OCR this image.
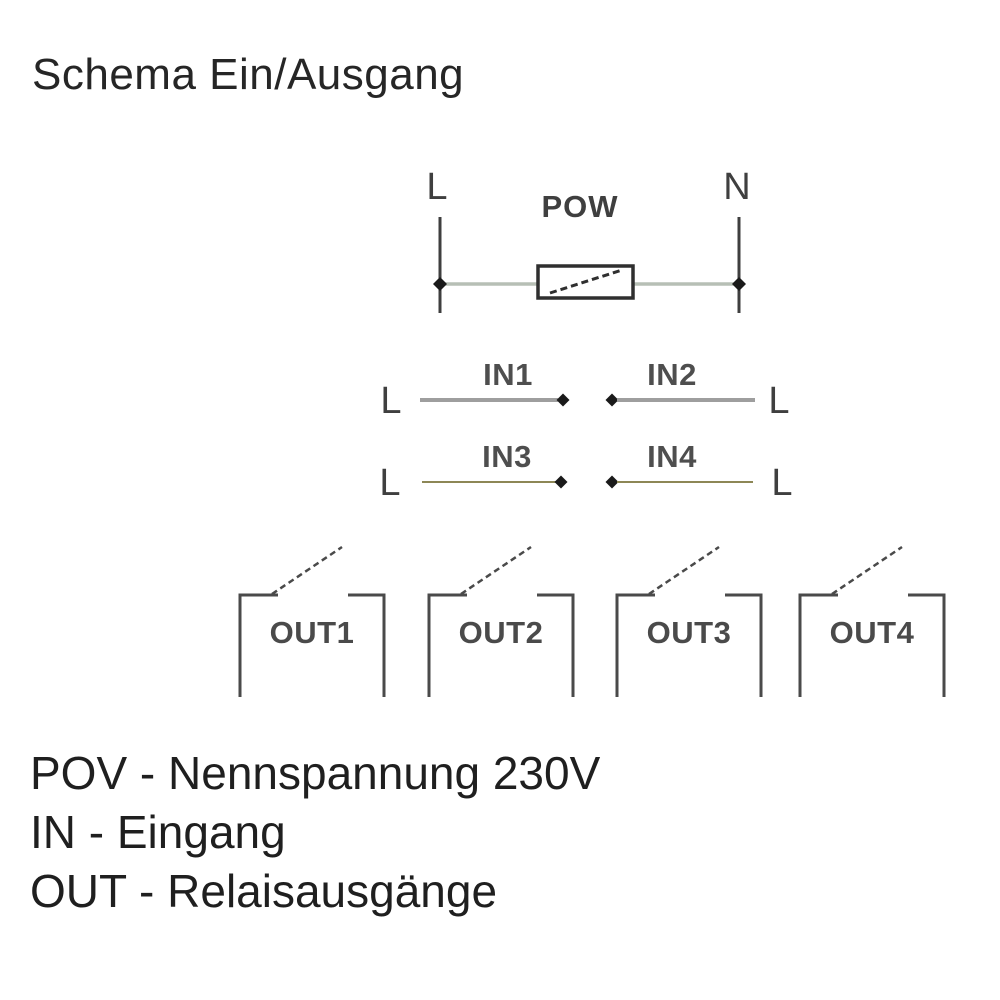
Schema Ein/Ausgang
L	N
POW
IN1	IN2
IN3	IN4
L	L
L	L
OUT1	OUT2	OUT3	OUT4
POV - Nennspannung 230V
IN - Eingang
OUT - Relaisausgänge
